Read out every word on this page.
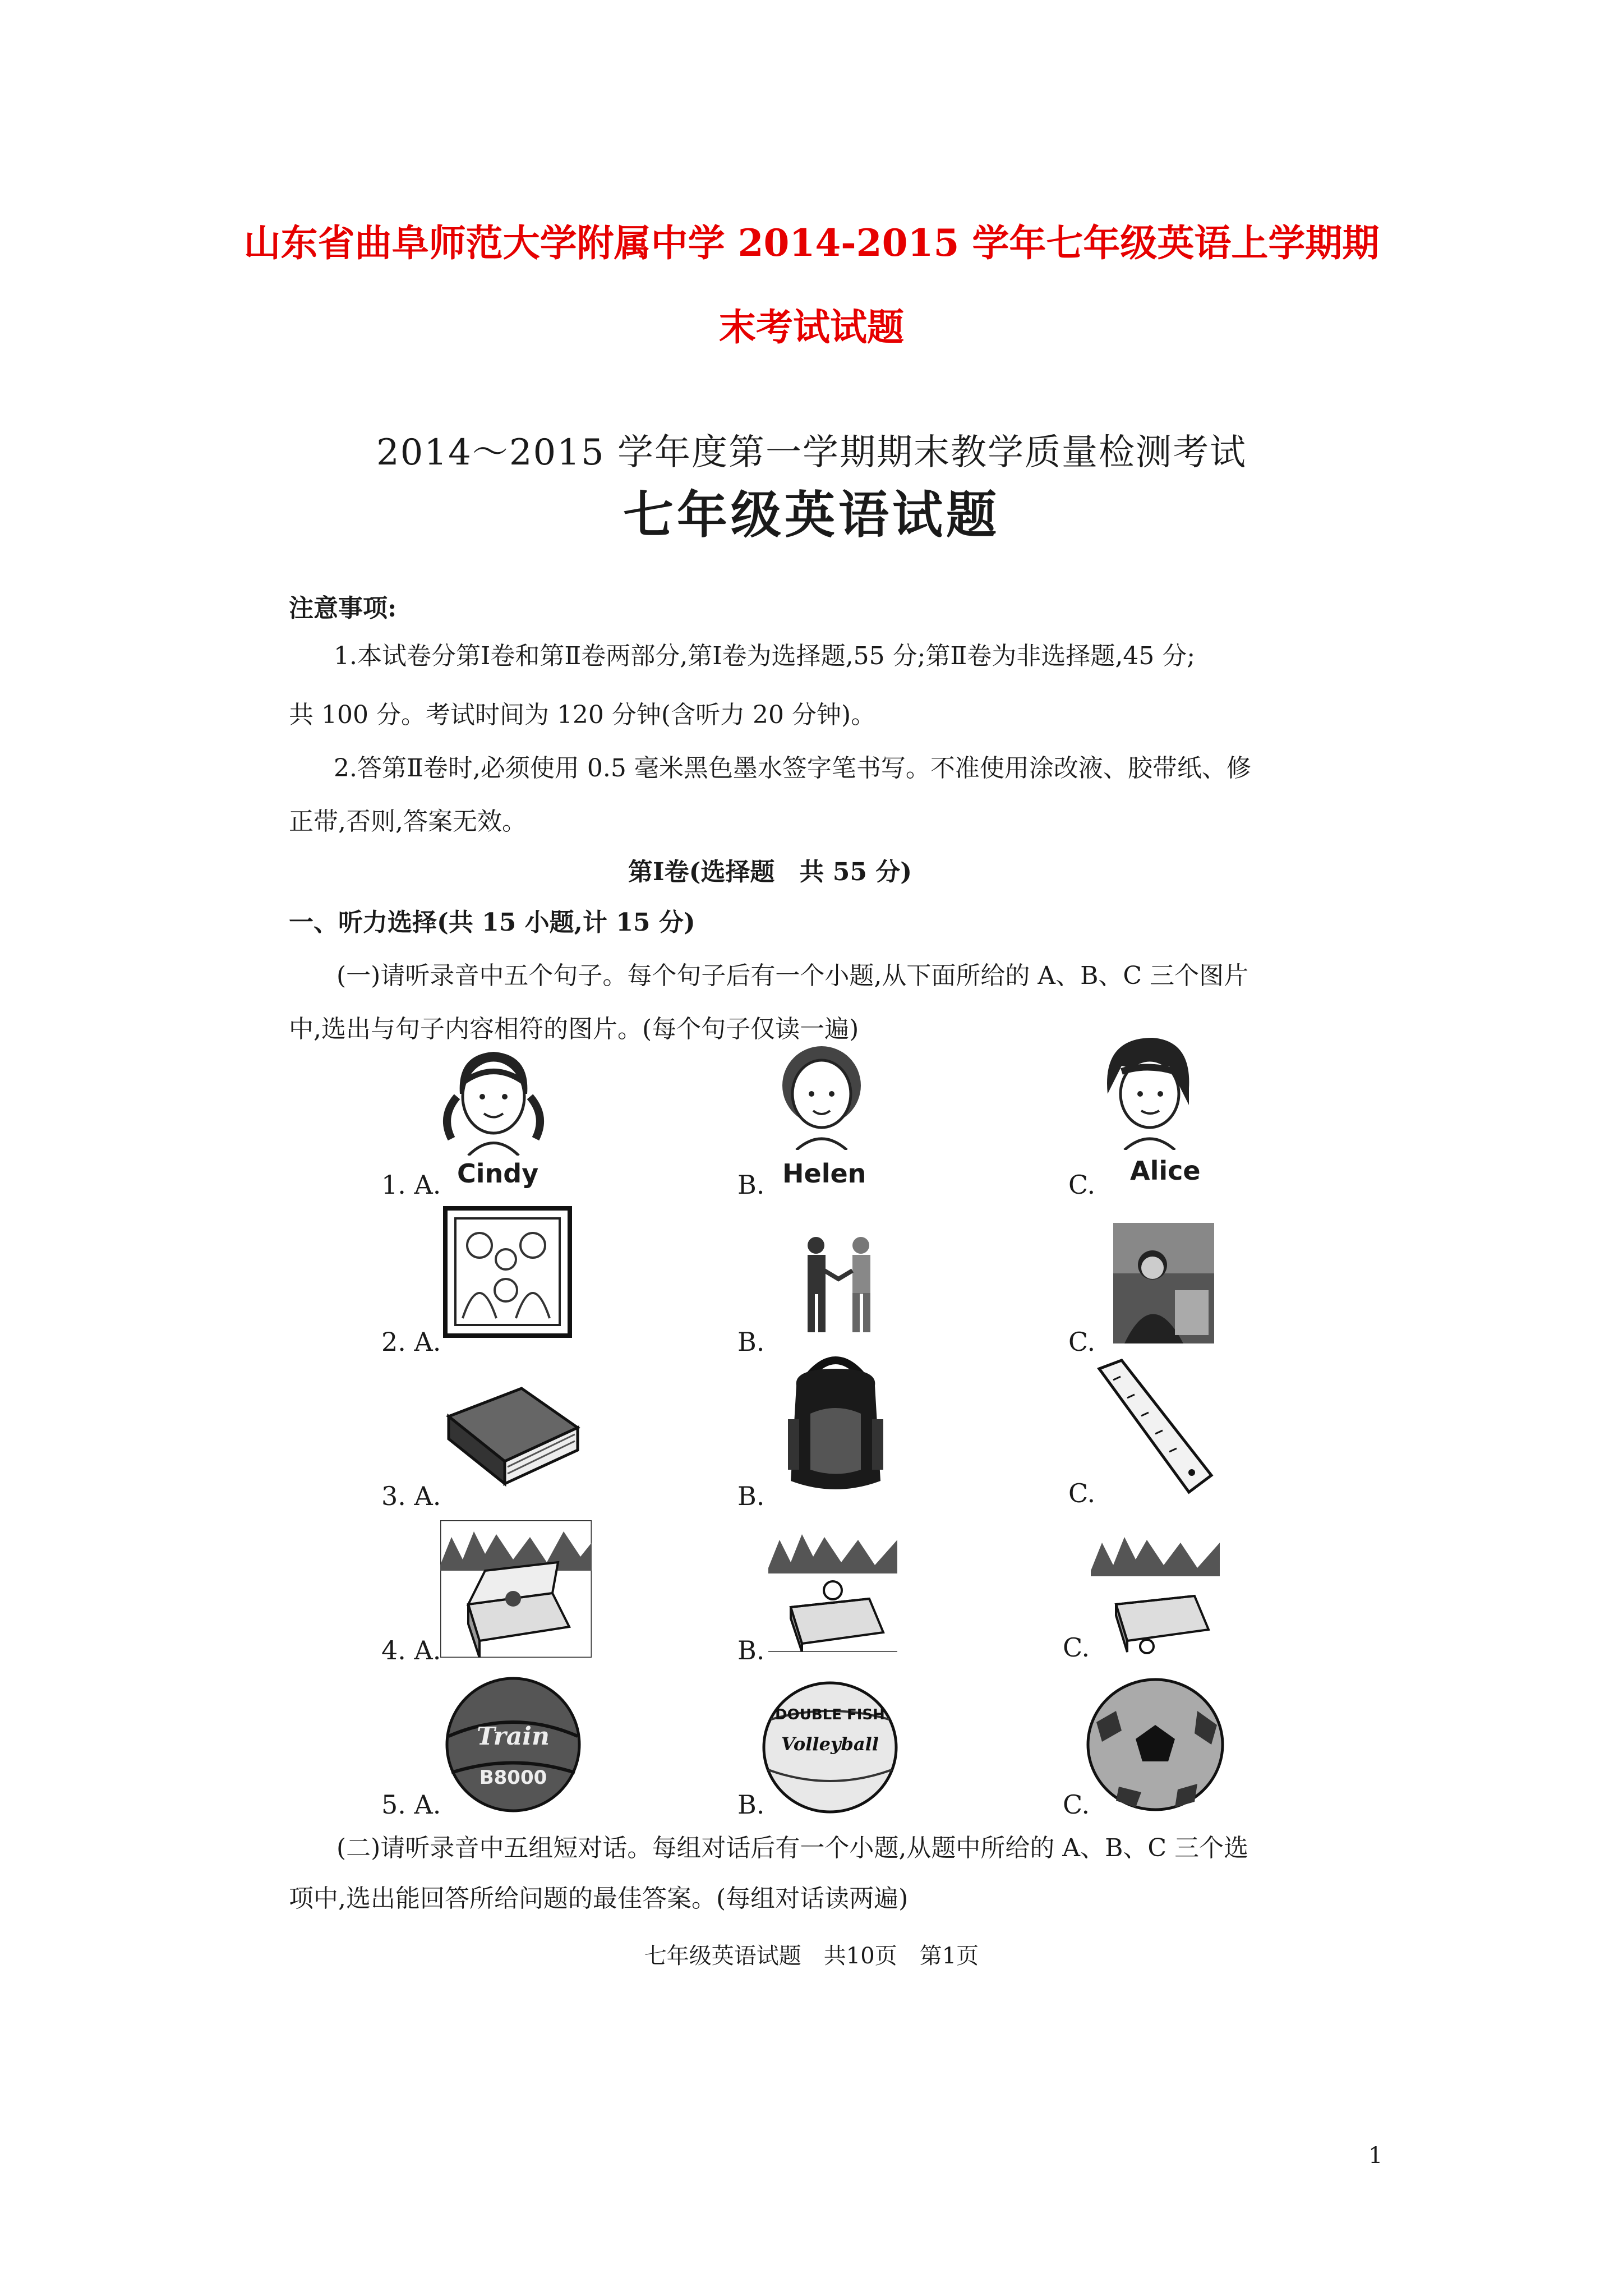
山东省曲阜师范大学附属中学 2014-2015 学年七年级英语上学期期
末考试试题
2014～2015 学年度第一学期期末教学质量检测考试
七年级英语试题
注意事项:
1.本试卷分第Ⅰ卷和第Ⅱ卷两部分,第Ⅰ卷为选择题,55 分;第Ⅱ卷为非选择题,45 分;
共 100 分。考试时间为 120 分钟(含听力 20 分钟)。
2.答第Ⅱ卷时,必须使用 0.5 毫米黑色墨水签字笔书写。不准使用涂改液、胶带纸、修
正带,否则,答案无效。
第Ⅰ卷(选择题　共 55 分)
一、听力选择(共 15 小题,计 15 分)
(一)请听录音中五个句子。每个句子后有一个小题,从下面所给的 A、B、C 三个图片
中,选出与句子内容相符的图片。(每个句子仅读一遍)
1. A. Cindy	B. Helen	C. Alice
2. A.	B.	C.
3. A.	B.	C.
4. A.	B.	C.
Train
B8000
DOUBLE FISH
Volleyball
5. A.	B.	C.
(二)请听录音中五组短对话。每组对话后有一个小题,从题中所给的 A、B、C 三个选
项中,选出能回答所给问题的最佳答案。(每组对话读两遍)
七年级英语试题　共10页　第1页
1
